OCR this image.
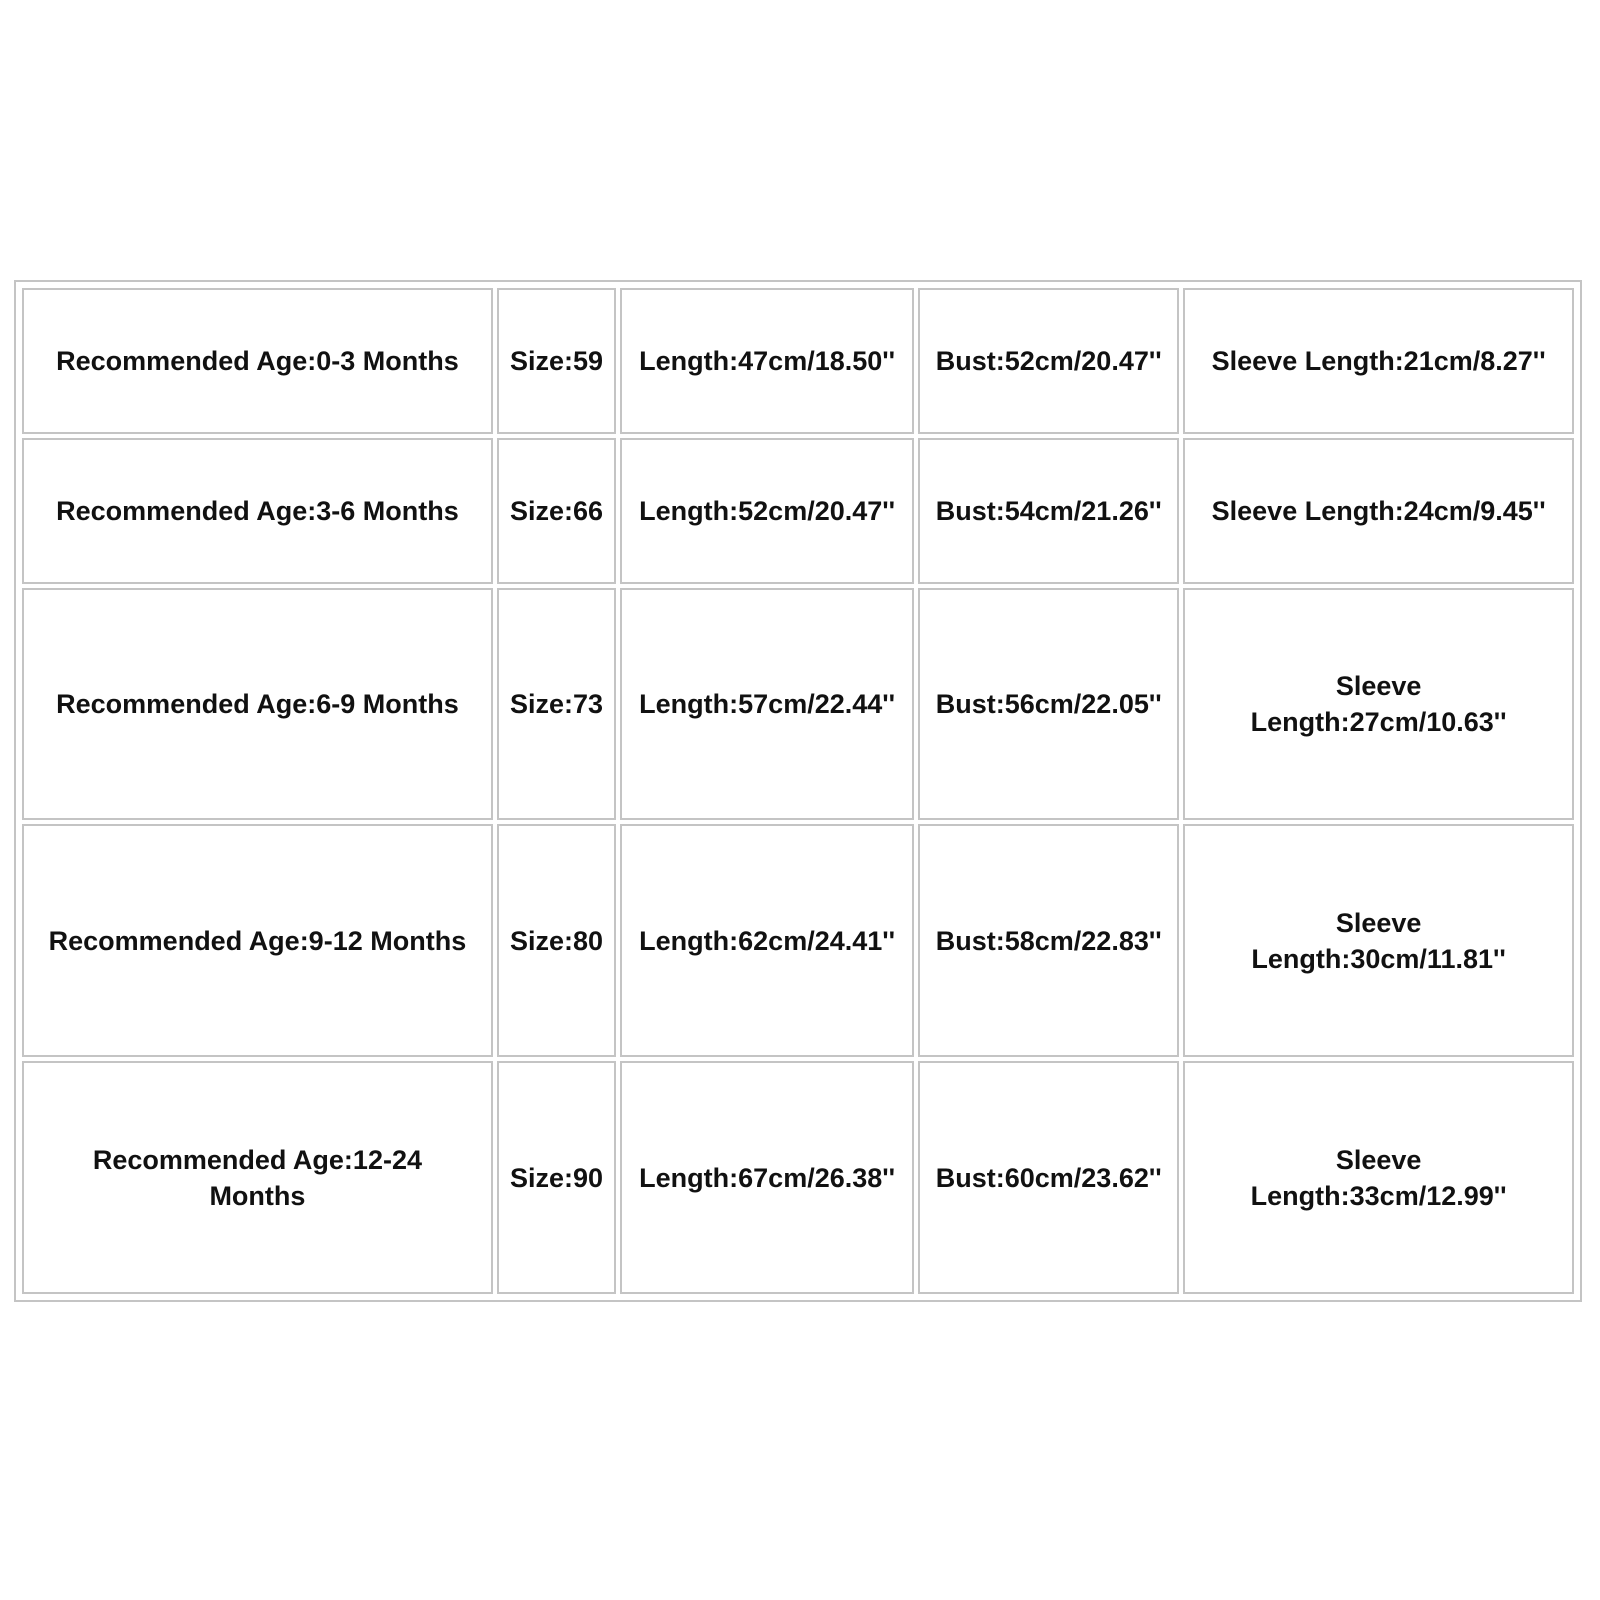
Recommended Age:0-3 Months	Size:59	Length:47cm/18.50''	Bust:52cm/20.47''	Sleeve Length:21cm/8.27''
Recommended Age:3-6 Months	Size:66	Length:52cm/20.47''	Bust:54cm/21.26''	Sleeve Length:24cm/9.45''
Recommended Age:6-9 Months	Size:73	Length:57cm/22.44''	Bust:56cm/22.05''	Sleeve Length:27cm/10.63''
Recommended Age:9-12 Months	Size:80	Length:62cm/24.41''	Bust:58cm/22.83''	Sleeve Length:30cm/11.81''
Recommended Age:12-24 Months	Size:90	Length:67cm/26.38''	Bust:60cm/23.62''	Sleeve Length:33cm/12.99''
